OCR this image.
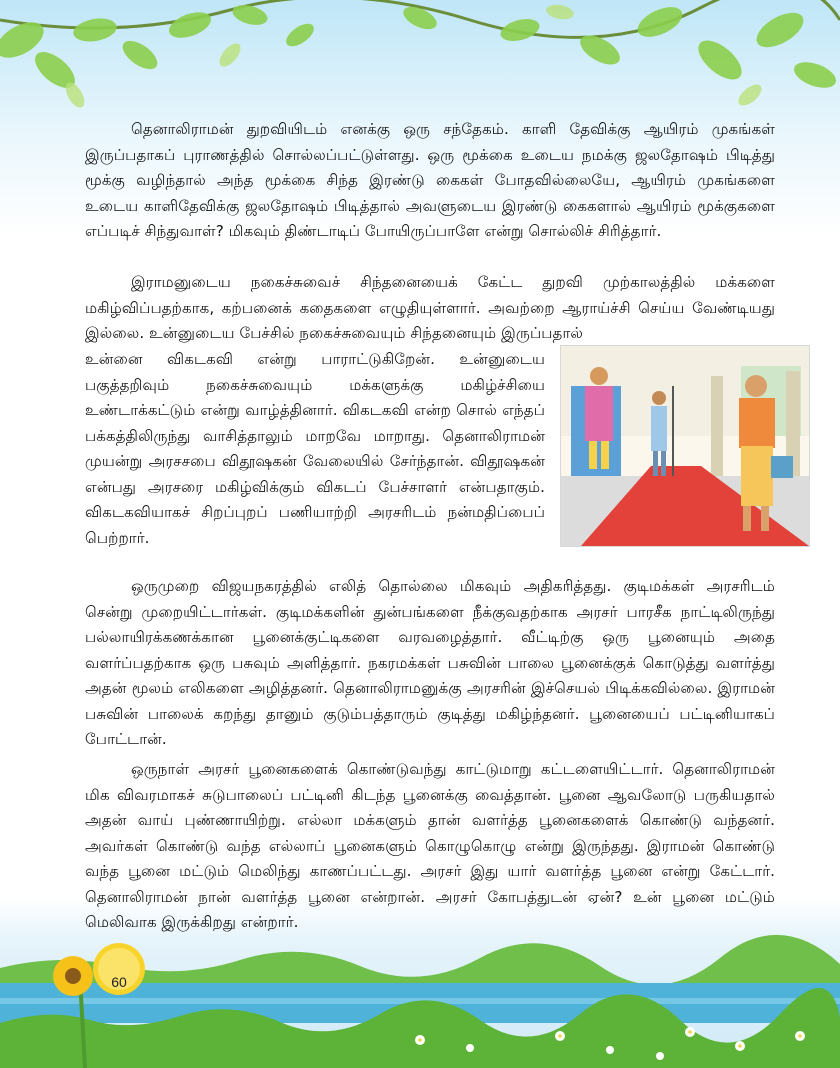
தெனாலிராமன் துறவியிடம் எனக்கு ஒரு சந்தேகம். காளி தேவிக்கு ஆயிரம் முகங்கள் இருப்பதாகப் புராணத்தில் சொல்லப்பட்டுள்ளது. ஒரு மூக்கை உடைய நமக்கு ஜலதோஷம் பிடித்து மூக்கு வழிந்தால் அந்த மூக்கை சிந்த இரண்டு கைகள் போதவில்லையே, ஆயிரம் முகங்களை உடைய காளிதேவிக்கு ஜலதோஷம் பிடித்தால் அவளுடைய இரண்டு கைகளால் ஆயிரம் மூக்குகளை எப்படிச் சிந்துவாள்? மிகவும் திண்டாடிப் போயிருப்பாளே என்று சொல்லிச் சிரித்தார்.

இராமனுடைய நகைச்சுவைச் சிந்தனையைக் கேட்ட துறவி முற்காலத்தில் மக்களை மகிழ்விப்பதற்காக, கற்பனைக் கதைகளை எழுதியுள்ளார். அவற்றை ஆராய்ச்சி செய்ய வேண்டியது இல்லை. உன்னுடைய பேச்சில் நகைச்சுவையும் சிந்தனையும் இருப்பதால்

உன்னை விகடகவி என்று பாராட்டுகிறேன். உன்னுடைய பகுத்தறிவும் நகைச்சுவையும் மக்களுக்கு மகிழ்ச்சியை உண்டாக்கட்டும் என்று வாழ்த்தினார். விகடகவி என்ற சொல் எந்தப் பக்கத்திலிருந்து வாசித்தாலும் மாறவே மாறாது. தெனாலிராமன் முயன்று அரசசபை விதூஷகன் வேலையில் சேர்ந்தான். விதூஷகன் என்பது அரசரை மகிழ்விக்கும் விகடப் பேச்சாளர் என்பதாகும். விகடகவியாகச் சிறப்புறப் பணியாற்றி அரசரிடம் நன்மதிப்பைப் பெற்றார்.

ஒருமுறை விஜயநகரத்தில் எலித் தொல்லை மிகவும் அதிகரித்தது. குடிமக்கள் அரசரிடம் சென்று முறையிட்டார்கள். குடிமக்களின் துன்பங்களை நீக்குவதற்காக அரசர் பாரசீக நாட்டிலிருந்து பல்லாயிரக்கணக்கான பூனைக்குட்டிகளை வரவழைத்தார். வீட்டிற்கு ஒரு பூனையும் அதை வளர்ப்பதற்காக ஒரு பசுவும் அளித்தார். நகரமக்கள் பசுவின் பாலை பூனைக்குக் கொடுத்து வளர்த்து அதன் மூலம் எலிகளை அழித்தனர். தெனாலிராமனுக்கு அரசரின் இச்செயல் பிடிக்கவில்லை. இராமன் பசுவின் பாலைக் கறந்து தானும் குடும்பத்தாரும் குடித்து மகிழ்ந்தனர். பூனையைப் பட்டினியாகப் போட்டான்.

ஒருநாள் அரசர் பூனைகளைக் கொண்டுவந்து காட்டுமாறு கட்டளையிட்டார். தெனாலிராமன் மிக விவரமாகச் சுடுபாலைப் பட்டினி கிடந்த பூனைக்கு வைத்தான். பூனை ஆவலோடு பருகியதால் அதன் வாய் புண்ணாயிற்று. எல்லா மக்களும் தான் வளர்த்த பூனைகளைக் கொண்டு வந்தனர். அவர்கள் கொண்டு வந்த எல்லாப் பூனைகளும் கொழுகொழு என்று இருந்தது. இராமன் கொண்டு வந்த பூனை மட்டும் மெலிந்து காணப்பட்டது. அரசர் இது யார் வளர்த்த பூனை என்று கேட்டார். தெனாலிராமன் நான் வளர்த்த பூனை என்றான். அரசர் கோபத்துடன் ஏன்? உன் பூனை மட்டும் மெலிவாக இருக்கிறது என்றார்.

60
